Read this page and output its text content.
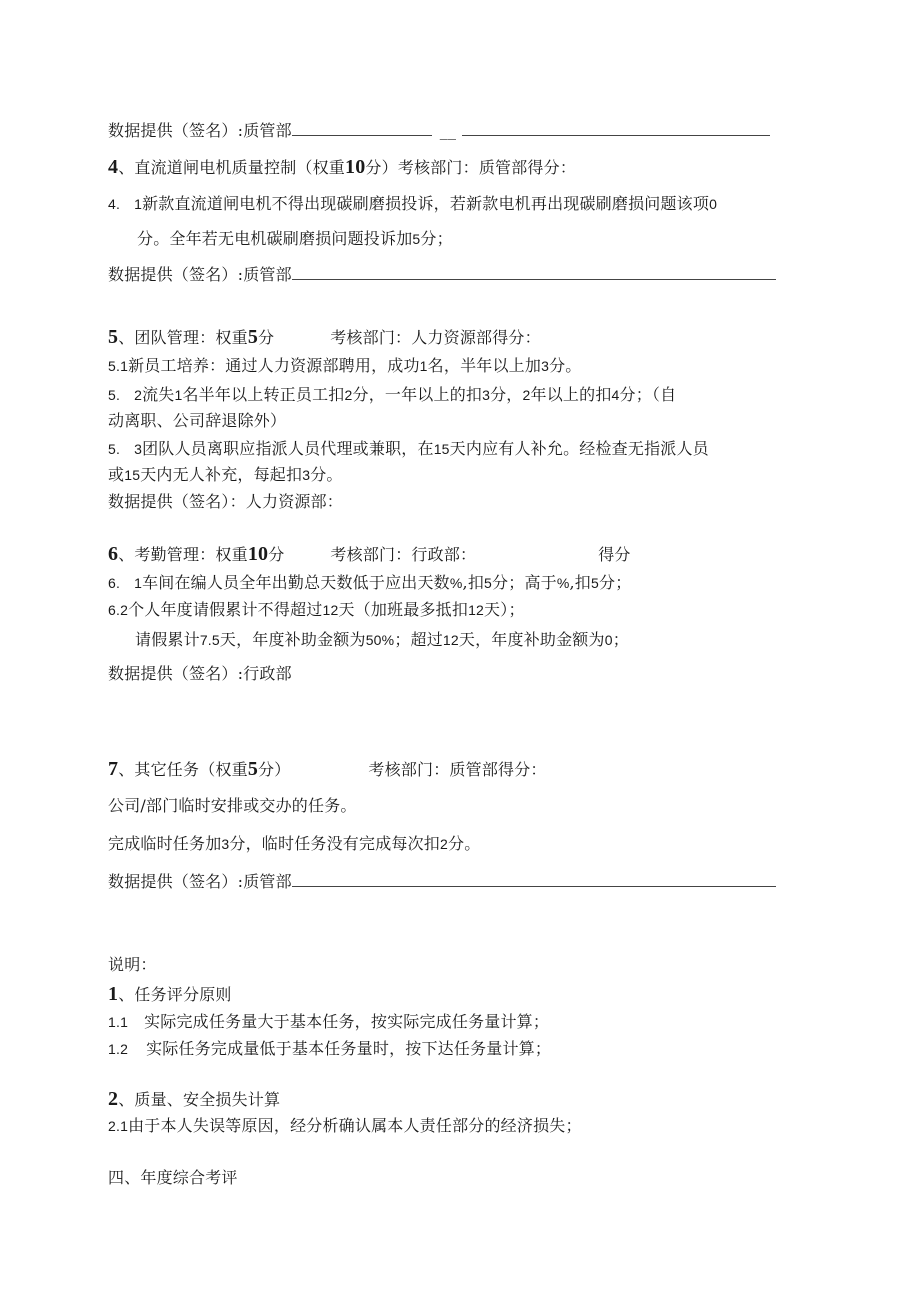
数据提供（签名）:质管部	__
4、直流道闸电机质量控制（权重10分）考核部门：质管部得分：
4. 1新款直流道闸电机不得出现碳刷磨损投诉，若新款电机再出现碳刷磨损问题该项0
分。全年若无电机碳刷磨损问题投诉加5分；
数据提供（签名）:质管部
5、团队管理：权重5分	考核部门：人力资源部得分：
5.1新员工培养：通过人力资源部聘用，成功1名，半年以上加3分。
5. 2流失1名半年以上转正员工扣2分，一年以上的扣3分，2年以上的扣4分；（自
动离职、公司辞退除外）
5. 3团队人员离职应指派人员代理或兼职，在15天内应有人补允。经检查无指派人员
或15天内无人补充，每起扣3分。
数据提供（签名）：人力资源部：
6、考勤管理：权重10分	考核部门：行政部：	得分
6. 1车间在编人员全年出勤总天数低于应出天数%,扣5分；高于%,扣5分；
6.2个人年度请假累计不得超过12天（加班最多抵扣12天）；
请假累计7.5天，年度补助金额为50%；超过12天，年度补助金额为0；
数据提供（签名）:行政部
7、其它任务（权重5分）	考核部门：质管部得分：
公司/部门临时安排或交办的任务。
完成临时任务加3分，临时任务没有完成每次扣2分。
数据提供（签名）:质管部
说明：
1、任务评分原则
1.1 实际完成任务量大于基本任务，按实际完成任务量计算；
1.2 实际任务完成量低于基本任务量时，按下达任务量计算；
2、质量、安全损失计算
2.1由于本人失误等原因，经分析确认属本人责任部分的经济损失；
四、年度综合考评
